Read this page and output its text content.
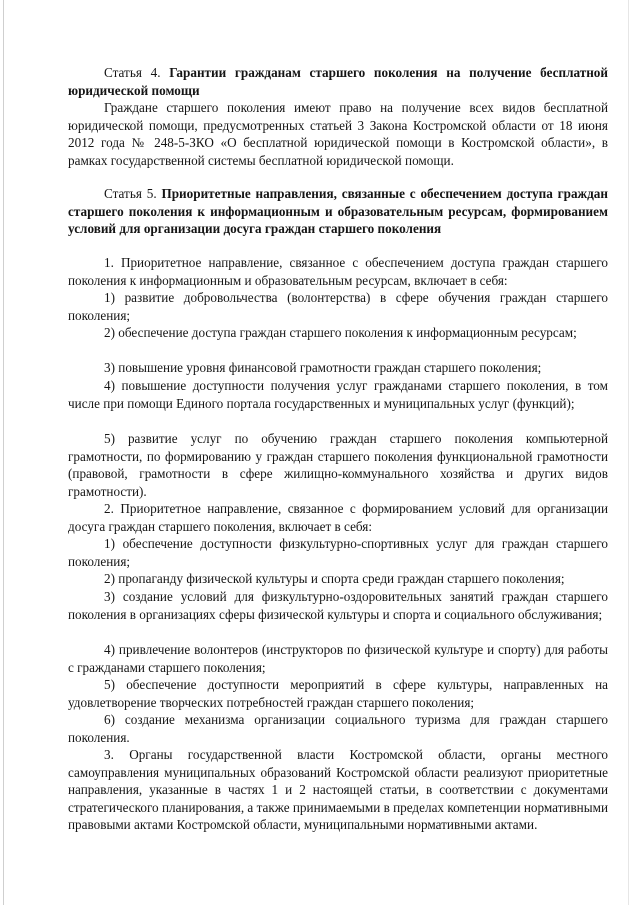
Статья 4. Гарантии гражданам старшего поколения на получение бесплатной юридической помощи

Граждане старшего поколения имеют право на получение всех видов бесплатной юридической помощи, предусмотренных статьей 3 Закона Костромской области от 18 июня 2012 года № 248-5-ЗКО «О бесплатной юридической помощи в Костромской области», в рамках государственной системы бесплатной юридической помощи.

Статья 5. Приоритетные направления, связанные с обеспечением доступа граждан старшего поколения к информационным и образовательным ресурсам, формированием условий для организации досуга граждан старшего поколения

1. Приоритетное направление, связанное с обеспечением доступа граждан старшего поколения к информационным и образовательным ресурсам, включает в себя:

1) развитие добровольчества (волонтерства) в сфере обучения граждан старшего поколения;

2) обеспечение доступа граждан старшего поколения к информационным ресурсам;

3) повышение уровня финансовой грамотности граждан старшего поколения;

4) повышение доступности получения услуг гражданами старшего поколения, в том числе при помощи Единого портала государственных и муниципальных услуг (функций);

5) развитие услуг по обучению граждан старшего поколения компьютерной грамотности, по формированию у граждан старшего поколения функциональной грамотности (правовой, грамотности в сфере жилищно-коммунального хозяйства и других видов грамотности).

2. Приоритетное направление, связанное с формированием условий для организации досуга граждан старшего поколения, включает в себя:

1) обеспечение доступности физкультурно-спортивных услуг для граждан старшего поколения;

2) пропаганду физической культуры и спорта среди граждан старшего поколения;

3) создание условий для физкультурно-оздоровительных занятий граждан старшего поколения в организациях сферы физической культуры и спорта и социального обслуживания;

4) привлечение волонтеров (инструкторов по физической культуре и спорту) для работы с гражданами старшего поколения;

5) обеспечение доступности мероприятий в сфере культуры, направленных на удовлетворение творческих потребностей граждан старшего поколения;

6) создание механизма организации социального туризма для граждан старшего поколения.

3. Органы государственной власти Костромской области, органы местного самоуправления муниципальных образований Костромской области реализуют приоритетные направления, указанные в частях 1 и 2 настоящей статьи, в соответствии с документами стратегического планирования, а также принимаемыми в пределах компетенции нормативными правовыми актами Костромской области, муниципальными нормативными актами.
